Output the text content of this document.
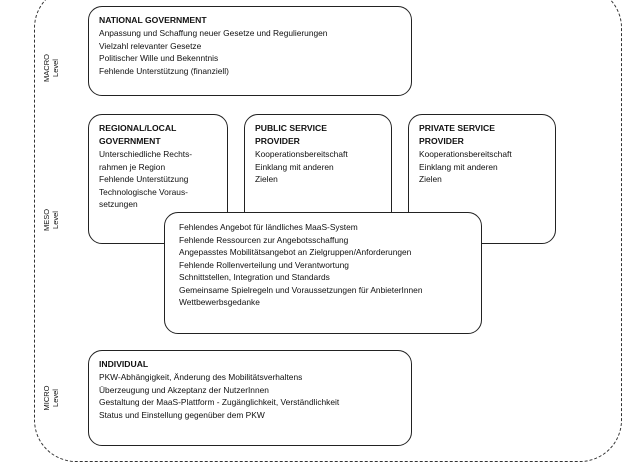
MACRO Level
MESO Level
MICRO Level
NATIONAL GOVERNMENT
Anpassung und Schaffung neuer Gesetze und Regulierungen
Vielzahl relevanter Gesetze
Politischer Wille und Bekenntnis
Fehlende Unterstützung (finanziell)
REGIONAL/LOCAL
GOVERNMENT
Unterschiedliche Rechts-
rahmen je Region
Fehlende Unterstützung
Technologische Voraus-
setzungen
PUBLIC SERVICE
PROVIDER
Kooperationsbereitschaft
Einklang mit anderen
Zielen
PRIVATE SERVICE
PROVIDER
Kooperationsbereitschaft
Einklang mit anderen
Zielen
Fehlendes Angebot für ländliches MaaS-System
Fehlende Ressourcen zur Angebotsschaffung
Angepasstes Mobilitätsangebot an Zielgruppen/Anforderungen
Fehlende Rollenverteilung und Verantwortung
Schnittstellen, Integration und Standards
Gemeinsame Spielregeln und Voraussetzungen für AnbieterInnen
Wettbewerbsgedanke
INDIVIDUAL
PKW-Abhängigkeit, Änderung des Mobilitätsverhaltens
Überzeugung und Akzeptanz der NutzerInnen
Gestaltung der MaaS-Plattform - Zugänglichkeit, Verständlichkeit
Status und Einstellung gegenüber dem PKW
